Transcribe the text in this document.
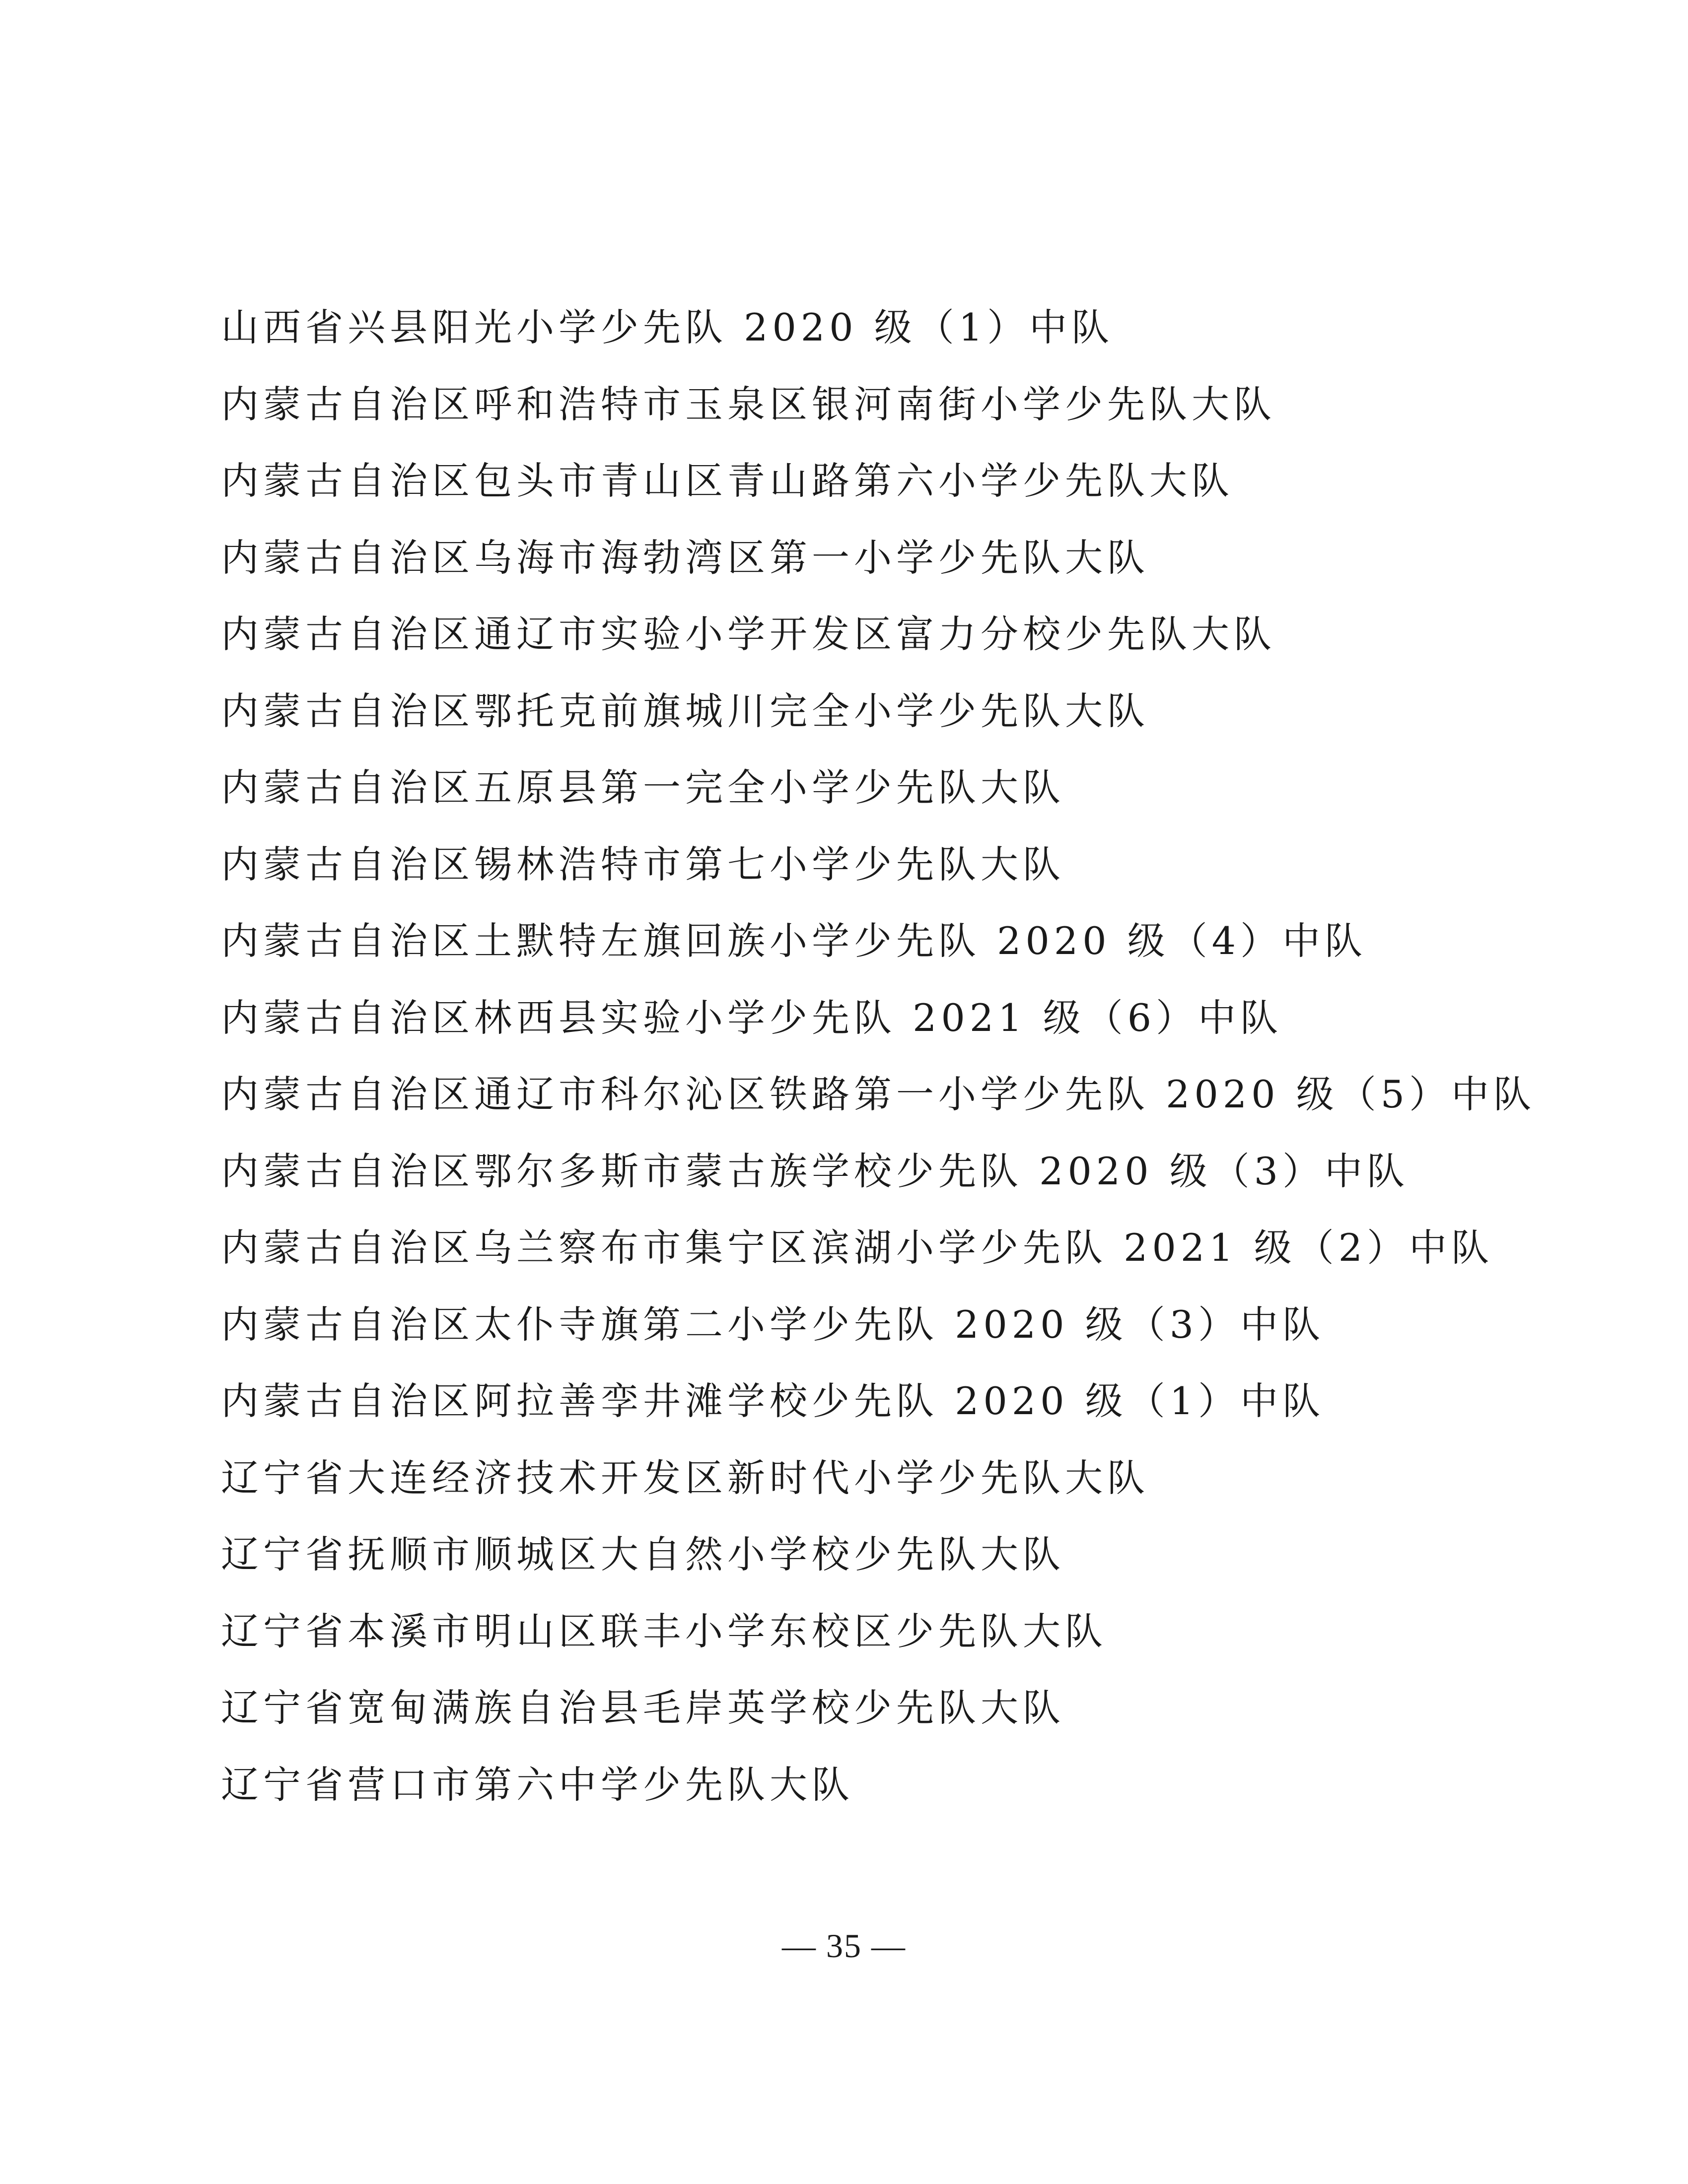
山西省兴县阳光小学少先队 2020 级（1）中队
内蒙古自治区呼和浩特市玉泉区银河南街小学少先队大队
内蒙古自治区包头市青山区青山路第六小学少先队大队
内蒙古自治区乌海市海勃湾区第一小学少先队大队
内蒙古自治区通辽市实验小学开发区富力分校少先队大队
内蒙古自治区鄂托克前旗城川完全小学少先队大队
内蒙古自治区五原县第一完全小学少先队大队
内蒙古自治区锡林浩特市第七小学少先队大队
内蒙古自治区土默特左旗回族小学少先队 2020 级（4）中队
内蒙古自治区林西县实验小学少先队 2021 级（6）中队
内蒙古自治区通辽市科尔沁区铁路第一小学少先队 2020 级（5）中队
内蒙古自治区鄂尔多斯市蒙古族学校少先队 2020 级（3）中队
内蒙古自治区乌兰察布市集宁区滨湖小学少先队 2021 级（2）中队
内蒙古自治区太仆寺旗第二小学少先队 2020 级（3）中队
内蒙古自治区阿拉善孪井滩学校少先队 2020 级（1）中队
辽宁省大连经济技术开发区新时代小学少先队大队
辽宁省抚顺市顺城区大自然小学校少先队大队
辽宁省本溪市明山区联丰小学东校区少先队大队
辽宁省宽甸满族自治县毛岸英学校少先队大队
辽宁省营口市第六中学少先队大队
— 35 —
